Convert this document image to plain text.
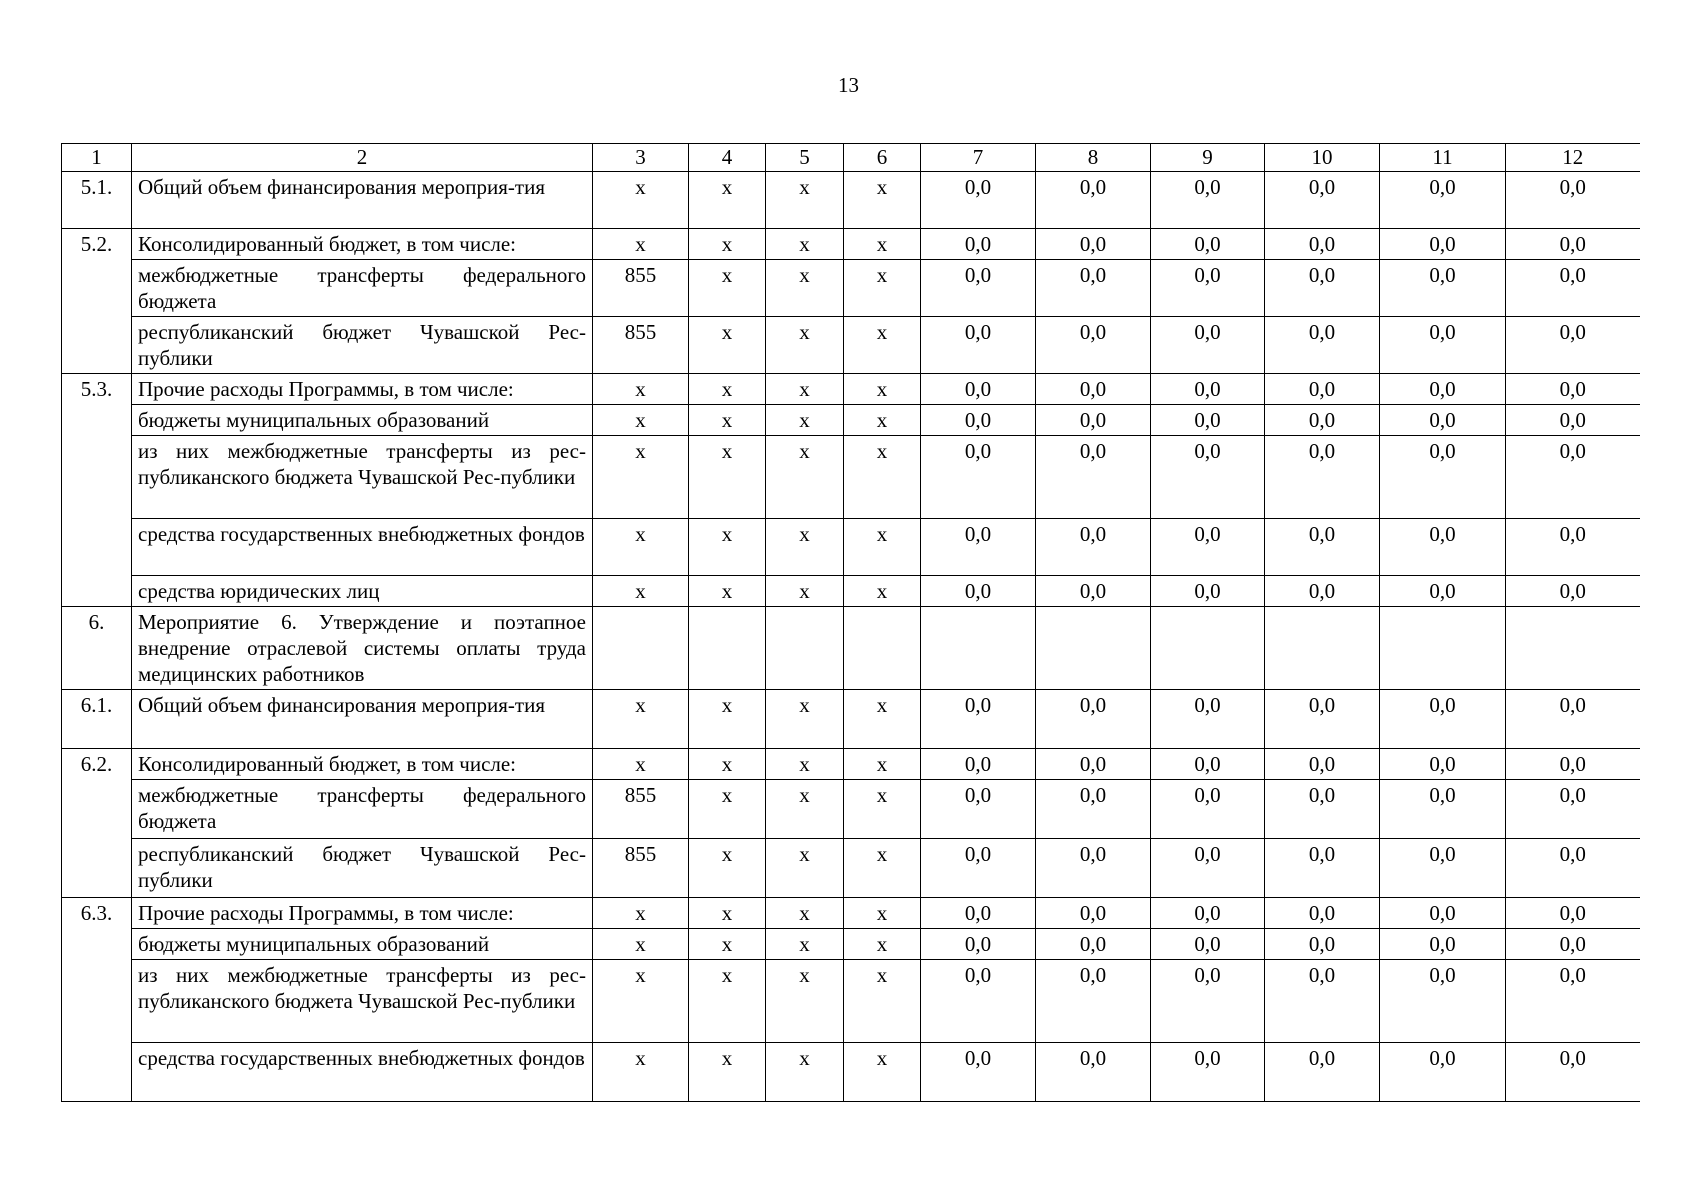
13
1	2	3	4	5	6	7	8	9	10	11	12
5.1.	Общий объем финансирования мероприя-тия	x	x	x	x	0,0	0,0	0,0	0,0	0,0	0,0
5.2.	Консолидированный бюджет, в том числе:	x	x	x	x	0,0	0,0	0,0	0,0	0,0	0,0
	межбюджетные трансферты федерального бюджета	855	x	x	x	0,0	0,0	0,0	0,0	0,0	0,0
	республиканский бюджет Чувашской Рес-публики	855	x	x	x	0,0	0,0	0,0	0,0	0,0	0,0
5.3.	Прочие расходы Программы, в том числе:	x	x	x	x	0,0	0,0	0,0	0,0	0,0	0,0
	бюджеты муниципальных образований	x	x	x	x	0,0	0,0	0,0	0,0	0,0	0,0
	из них межбюджетные трансферты из рес-публиканского бюджета Чувашской Рес-публики	x	x	x	x	0,0	0,0	0,0	0,0	0,0	0,0
	средства государственных внебюджетных фондов	x	x	x	x	0,0	0,0	0,0	0,0	0,0	0,0
	средства юридических лиц	x	x	x	x	0,0	0,0	0,0	0,0	0,0	0,0
6.	Мероприятие 6. Утверждение и поэтапное внедрение отраслевой системы оплаты труда медицинских работников										
6.1.	Общий объем финансирования мероприя-тия	x	x	x	x	0,0	0,0	0,0	0,0	0,0	0,0
6.2.	Консолидированный бюджет, в том числе:	x	x	x	x	0,0	0,0	0,0	0,0	0,0	0,0
	межбюджетные трансферты федерального бюджета	855	x	x	x	0,0	0,0	0,0	0,0	0,0	0,0
	республиканский бюджет Чувашской Рес-публики	855	x	x	x	0,0	0,0	0,0	0,0	0,0	0,0
6.3.	Прочие расходы Программы, в том числе:	x	x	x	x	0,0	0,0	0,0	0,0	0,0	0,0
	бюджеты муниципальных образований	x	x	x	x	0,0	0,0	0,0	0,0	0,0	0,0
	из них межбюджетные трансферты из рес-публиканского бюджета Чувашской Рес-публики	x	x	x	x	0,0	0,0	0,0	0,0	0,0	0,0
	средства государственных внебюджетных фондов	x	x	x	x	0,0	0,0	0,0	0,0	0,0	0,0
